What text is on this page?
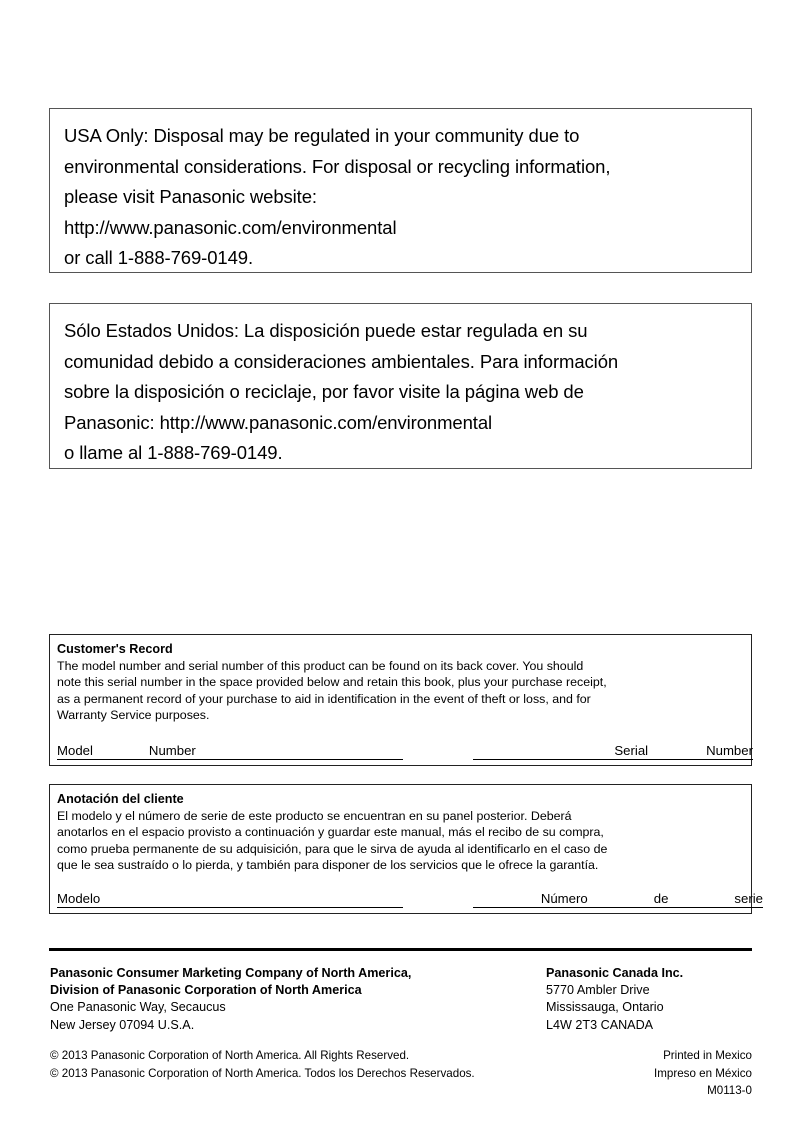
USA Only: Disposal may be regulated in your community due to
environmental considerations. For disposal or recycling information,
please visit Panasonic website:
http://www.panasonic.com/environmental
or call 1-888-769-0149.
Sólo Estados Unidos: La disposición puede estar regulada en su
comunidad debido a consideraciones ambientales. Para información
sobre la disposición o reciclaje, por favor visite la página web de
Panasonic: http://www.panasonic.com/environmental
o llame al 1-888-769-0149.
Customer's Record
The model number and serial number of this product can be found on its back cover. You should
note this serial number in the space provided below and retain this book, plus your purchase receipt,
as a permanent record of your purchase to aid in identification in the event of theft or loss, and for
Warranty Service purposes.
Model	Number	Serial	Number
Anotación del cliente
El modelo y el número de serie de este producto se encuentran en su panel posterior. Deberá
anotarlos en el espacio provisto a continuación y guardar este manual, más el recibo de su compra,
como prueba permanente de su adquisición, para que le sirva de ayuda al identificarlo en el caso de
que le sea sustraído o lo pierda, y también para disponer de los servicios que le ofrece la garantía.
Modelo	Número	de	serie
Panasonic Consumer Marketing Company of North America,
Division of Panasonic Corporation of North America
One Panasonic Way, Secaucus
New Jersey 07094 U.S.A.
Panasonic Canada Inc.
5770 Ambler Drive
Mississauga, Ontario
L4W 2T3 CANADA
© 2013 Panasonic Corporation of North America. All Rights Reserved.	Printed in Mexico
© 2013 Panasonic Corporation of North America. Todos los Derechos Reservados.	Impreso en México
M0113-0
